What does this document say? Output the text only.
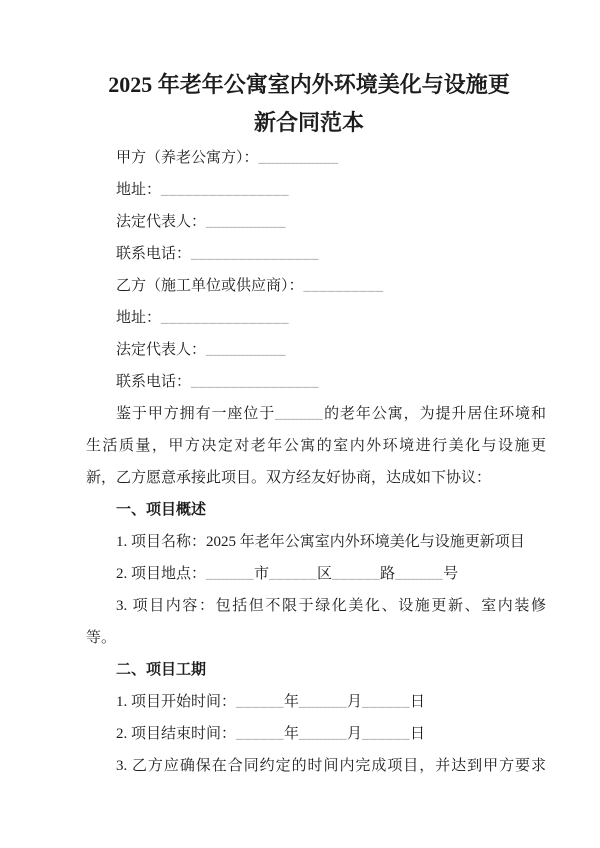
2025 年老年公寓室内外环境美化与设施更
新合同范本

甲方（养老公寓方）：__________

地址：________________

法定代表人：__________

联系电话：________________

乙方（施工单位或供应商）：__________

地址：________________

法定代表人：__________

联系电话：________________

鉴于甲方拥有一座位于______的老年公寓，为提升居住环境和

生活质量，甲方决定对老年公寓的室内外环境进行美化与设施更

新，乙方愿意承接此项目。双方经友好协商，达成如下协议：

一、项目概述

1. 项目名称：2025 年老年公寓室内外环境美化与设施更新项目

2. 项目地点：______市______区______路______号

3. 项目内容：包括但不限于绿化美化、设施更新、室内装修

等。

二、项目工期

1. 项目开始时间：______年______月______日

2. 项目结束时间：______年______月______日

3. 乙方应确保在合同约定的时间内完成项目，并达到甲方要求
